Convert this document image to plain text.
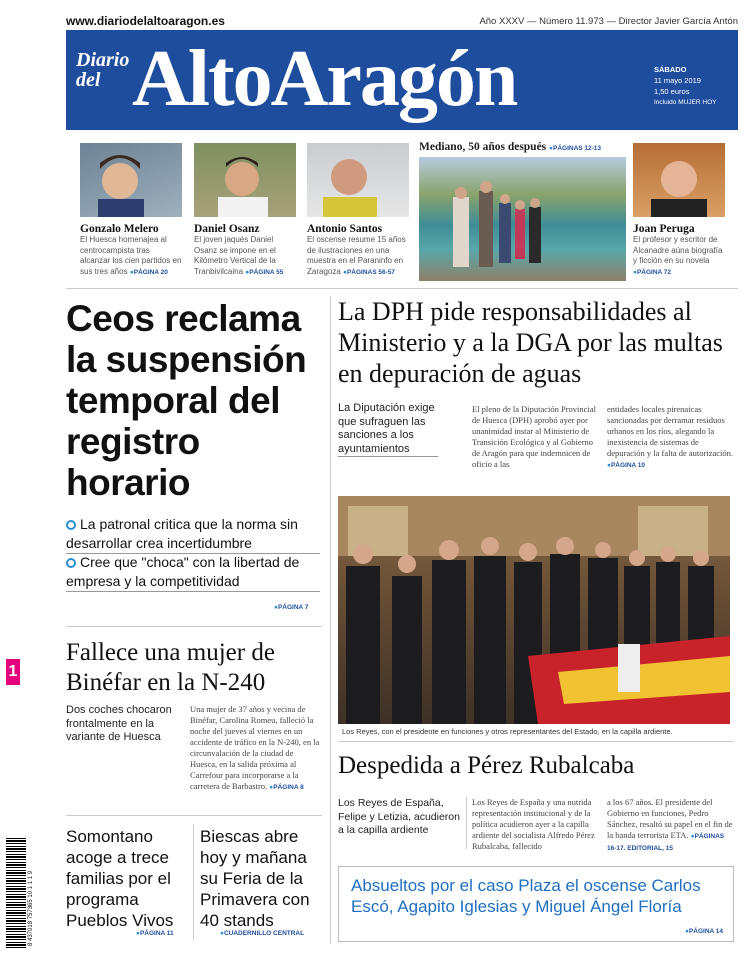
www.diariodelaltoaragon.es	Año XXXV — Número 11.973 — Director Javier García Antón
Diario
del AltoAragón	SÁBADO
11 mayo 2019
1,50 euros
Incluido MUJER HOY
Gonzalo Melero
El Huesca homenajea al centrocampista tras alcanzar los cien partidos en sus tres años ● PÁGINA 20
Daniel Osanz
El joven jaqués Daniel Osanz se impone en el Kilómetro Vertical de la Tranbivilcaina ● PÁGINA 55
Antonio Santos
El oscense resume 15 años de ilustraciones en una muestra en el Paraninfo en Zaragoza ● PÁGINAS 56-57
Mediano, 50 años después ● PÁGINAS 12-13
Joan Peruga
El profesor y escritor de Alcanadre aúna biografía y ficción en su novela ● PÁGINA 72
Ceos reclama la suspensión temporal del registro horario
La patronal critica que la norma sin desarrollar crea incertidumbre
Cree que "choca" con la libertad de empresa y la competitividad
● PÁGINA 7
Fallece una mujer de Binéfar en la N-240
Dos coches chocaron frontalmente en la variante de Huesca
Una mujer de 37 años y vecina de Binéfar, Carolina Romeu, falleció la noche del jueves al viernes en un accidente de tráfico en la N-240, en la circunvalación de la ciudad de Huesca, en la salida próxima al Carrefour para incorporarse a la carretera de Barbastro. ● PÁGINA 8
Somontano acoge a trece familias por el programa Pueblos Vivos
● PÁGINA 11
Biescas abre hoy y mañana su Feria de la Primavera con 40 stands
● CUADERNILLO CENTRAL
La DPH pide responsabilidades al Ministerio y a la DGA por las multas en depuración de aguas
La Diputación exige que sufraguen las sanciones a los ayuntamientos
El pleno de la Diputación Provincial de Huesca (DPH) aprobó ayer por unanimidad instar al Ministerio de Transición Ecológica y al Gobierno de Aragón para que indemnicen de oficio a las
entidades locales pirenaicas sancionadas por derramar residuos urbanos en los ríos, alegando la inexistencia de sistemas de depuración y la falta de autorización. ● PÁGINA 10
Los Reyes, con el presidente en funciones y otros representantes del Estado, en la capilla ardiente.
Despedida a Pérez Rubalcaba
Los Reyes de España, Felipe y Letizia, acudieron a la capilla ardiente
Los Reyes de España y una nutrida representación institucional y de la política acudieron ayer a la capilla ardiente del socialista Alfredo Pérez Rubalcaba, fallecido
a los 67 años. El presidente del Gobierno en funciones, Pedro Sánchez, resaltó su papel en el fin de la banda terrorista ETA. ● PÁGINAS 16-17. EDITORIAL, 15
Absueltos por el caso Plaza el oscense Carlos Escó, Agapito Iglesias y Miguel Ángel Floría
● PÁGINA 14
1
8 437018 757365 10 1 1 1 9
